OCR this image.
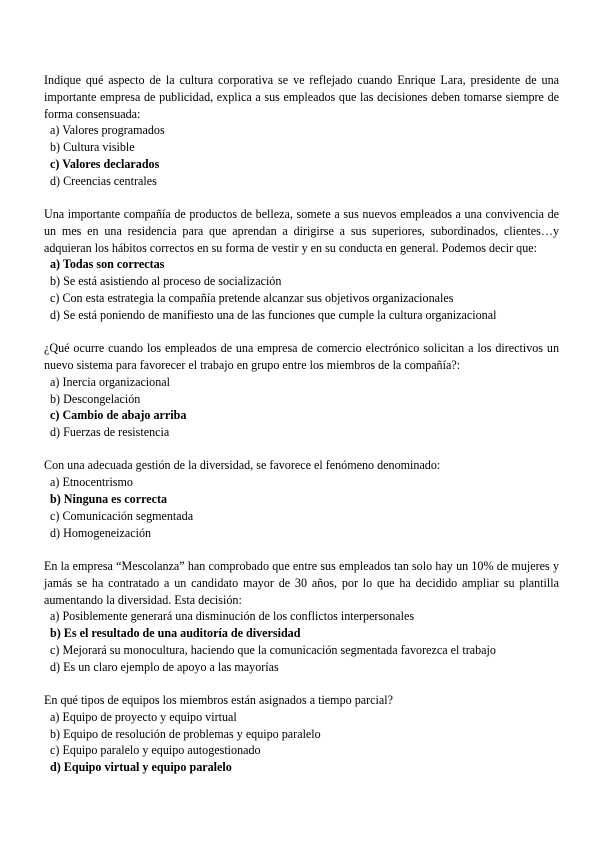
Indique qué aspecto de la cultura corporativa se ve reflejado cuando Enrique Lara, presidente de una importante empresa de publicidad, explica a sus empleados que las decisiones deben tomarse siempre de forma consensuada:

a) Valores programados
b) Cultura visible
c) Valores declarados
d) Creencias centrales

Una importante compañía de productos de belleza, somete a sus nuevos empleados a una convivencia de un mes en una residencia para que aprendan a dirigirse a sus superiores, subordinados, clientes…y adquieran los hábitos correctos en su forma de vestir y en su conducta en general. Podemos decir que:

a) Todas son correctas
b) Se está asistiendo al proceso de socialización
c) Con esta estrategia la compañía pretende alcanzar sus objetivos organizacionales
d) Se está poniendo de manifiesto una de las funciones que cumple la cultura organizacional

¿Qué ocurre cuando los empleados de una empresa de comercio electrónico solicitan a los directivos un nuevo sistema para favorecer el trabajo en grupo entre los miembros de la compañía?:

a) Inercia organizacional
b) Descongelación
c) Cambio de abajo arriba
d) Fuerzas de resistencia

Con una adecuada gestión de la diversidad, se favorece el fenómeno denominado:

a) Etnocentrismo
b) Ninguna es correcta
c) Comunicación segmentada
d) Homogeneización

En la empresa “Mescolanza” han comprobado que entre sus empleados tan solo hay un 10% de mujeres y jamás se ha contratado a un candidato mayor de 30 años, por lo que ha decidido ampliar su plantilla aumentando la diversidad. Esta decisión:

a) Posiblemente generará una disminución de los conflictos interpersonales
b) Es el resultado de una auditoría de diversidad
c) Mejorará su monocultura, haciendo que la comunicación segmentada favorezca el trabajo
d) Es un claro ejemplo de apoyo a las mayorías

En qué tipos de equipos los miembros están asignados a tiempo parcial?

a) Equipo de proyecto y equipo virtual
b) Equipo de resolución de problemas y equipo paralelo
c) Equipo paralelo y equipo autogestionado
d) Equipo virtual y equipo paralelo
